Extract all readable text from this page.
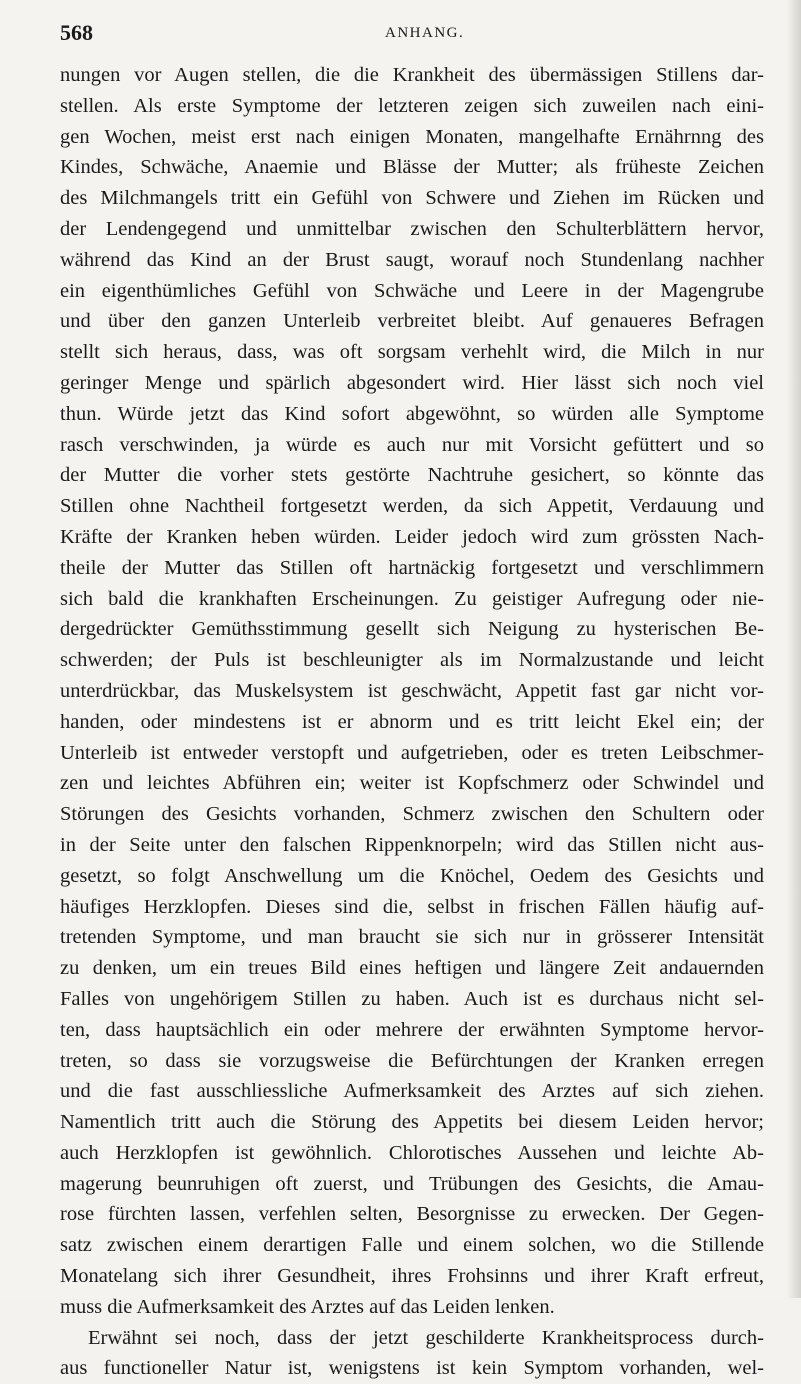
568	ANHANG.
nungen vor Augen stellen, die die Krankheit des übermässigen Stillens dar-
stellen. Als erste Symptome der letzteren zeigen sich zuweilen nach eini-
gen Wochen, meist erst nach einigen Monaten, mangelhafte Ernährnng des
Kindes, Schwäche, Anaemie und Blässe der Mutter; als früheste Zeichen
des Milchmangels tritt ein Gefühl von Schwere und Ziehen im Rücken und
der Lendengegend und unmittelbar zwischen den Schulterblättern hervor,
während das Kind an der Brust saugt, worauf noch Stundenlang nachher
ein eigenthümliches Gefühl von Schwäche und Leere in der Magengrube
und über den ganzen Unterleib verbreitet bleibt. Auf genaueres Befragen
stellt sich heraus, dass, was oft sorgsam verhehlt wird, die Milch in nur
geringer Menge und spärlich abgesondert wird. Hier lässt sich noch viel
thun. Würde jetzt das Kind sofort abgewöhnt, so würden alle Symptome
rasch verschwinden, ja würde es auch nur mit Vorsicht gefüttert und so
der Mutter die vorher stets gestörte Nachtruhe gesichert, so könnte das
Stillen ohne Nachtheil fortgesetzt werden, da sich Appetit, Verdauung und
Kräfte der Kranken heben würden. Leider jedoch wird zum grössten Nach-
theile der Mutter das Stillen oft hartnäckig fortgesetzt und verschlimmern
sich bald die krankhaften Erscheinungen. Zu geistiger Aufregung oder nie-
dergedrückter Gemüthsstimmung gesellt sich Neigung zu hysterischen Be-
schwerden; der Puls ist beschleunigter als im Normalzustande und leicht
unterdrückbar, das Muskelsystem ist geschwächt, Appetit fast gar nicht vor-
handen, oder mindestens ist er abnorm und es tritt leicht Ekel ein; der
Unterleib ist entweder verstopft und aufgetrieben, oder es treten Leibschmer-
zen und leichtes Abführen ein; weiter ist Kopfschmerz oder Schwindel und
Störungen des Gesichts vorhanden, Schmerz zwischen den Schultern oder
in der Seite unter den falschen Rippenknorpeln; wird das Stillen nicht aus-
gesetzt, so folgt Anschwellung um die Knöchel, Oedem des Gesichts und
häufiges Herzklopfen. Dieses sind die, selbst in frischen Fällen häufig auf-
tretenden Symptome, und man braucht sie sich nur in grösserer Intensität
zu denken, um ein treues Bild eines heftigen und längere Zeit andauernden
Falles von ungehörigem Stillen zu haben. Auch ist es durchaus nicht sel-
ten, dass hauptsächlich ein oder mehrere der erwähnten Symptome hervor-
treten, so dass sie vorzugsweise die Befürchtungen der Kranken erregen
und die fast ausschliessliche Aufmerksamkeit des Arztes auf sich ziehen.
Namentlich tritt auch die Störung des Appetits bei diesem Leiden hervor;
auch Herzklopfen ist gewöhnlich. Chlorotisches Aussehen und leichte Ab-
magerung beunruhigen oft zuerst, und Trübungen des Gesichts, die Amau-
rose fürchten lassen, verfehlen selten, Besorgnisse zu erwecken. Der Gegen-
satz zwischen einem derartigen Falle und einem solchen, wo die Stillende
Monatelang sich ihrer Gesundheit, ihres Frohsinns und ihrer Kraft erfreut,
muss die Aufmerksamkeit des Arztes auf das Leiden lenken.
Erwähnt sei noch, dass der jetzt geschilderte Krankheitsprocess durch-
aus functioneller Natur ist, wenigstens ist kein Symptom vorhanden, wel-
